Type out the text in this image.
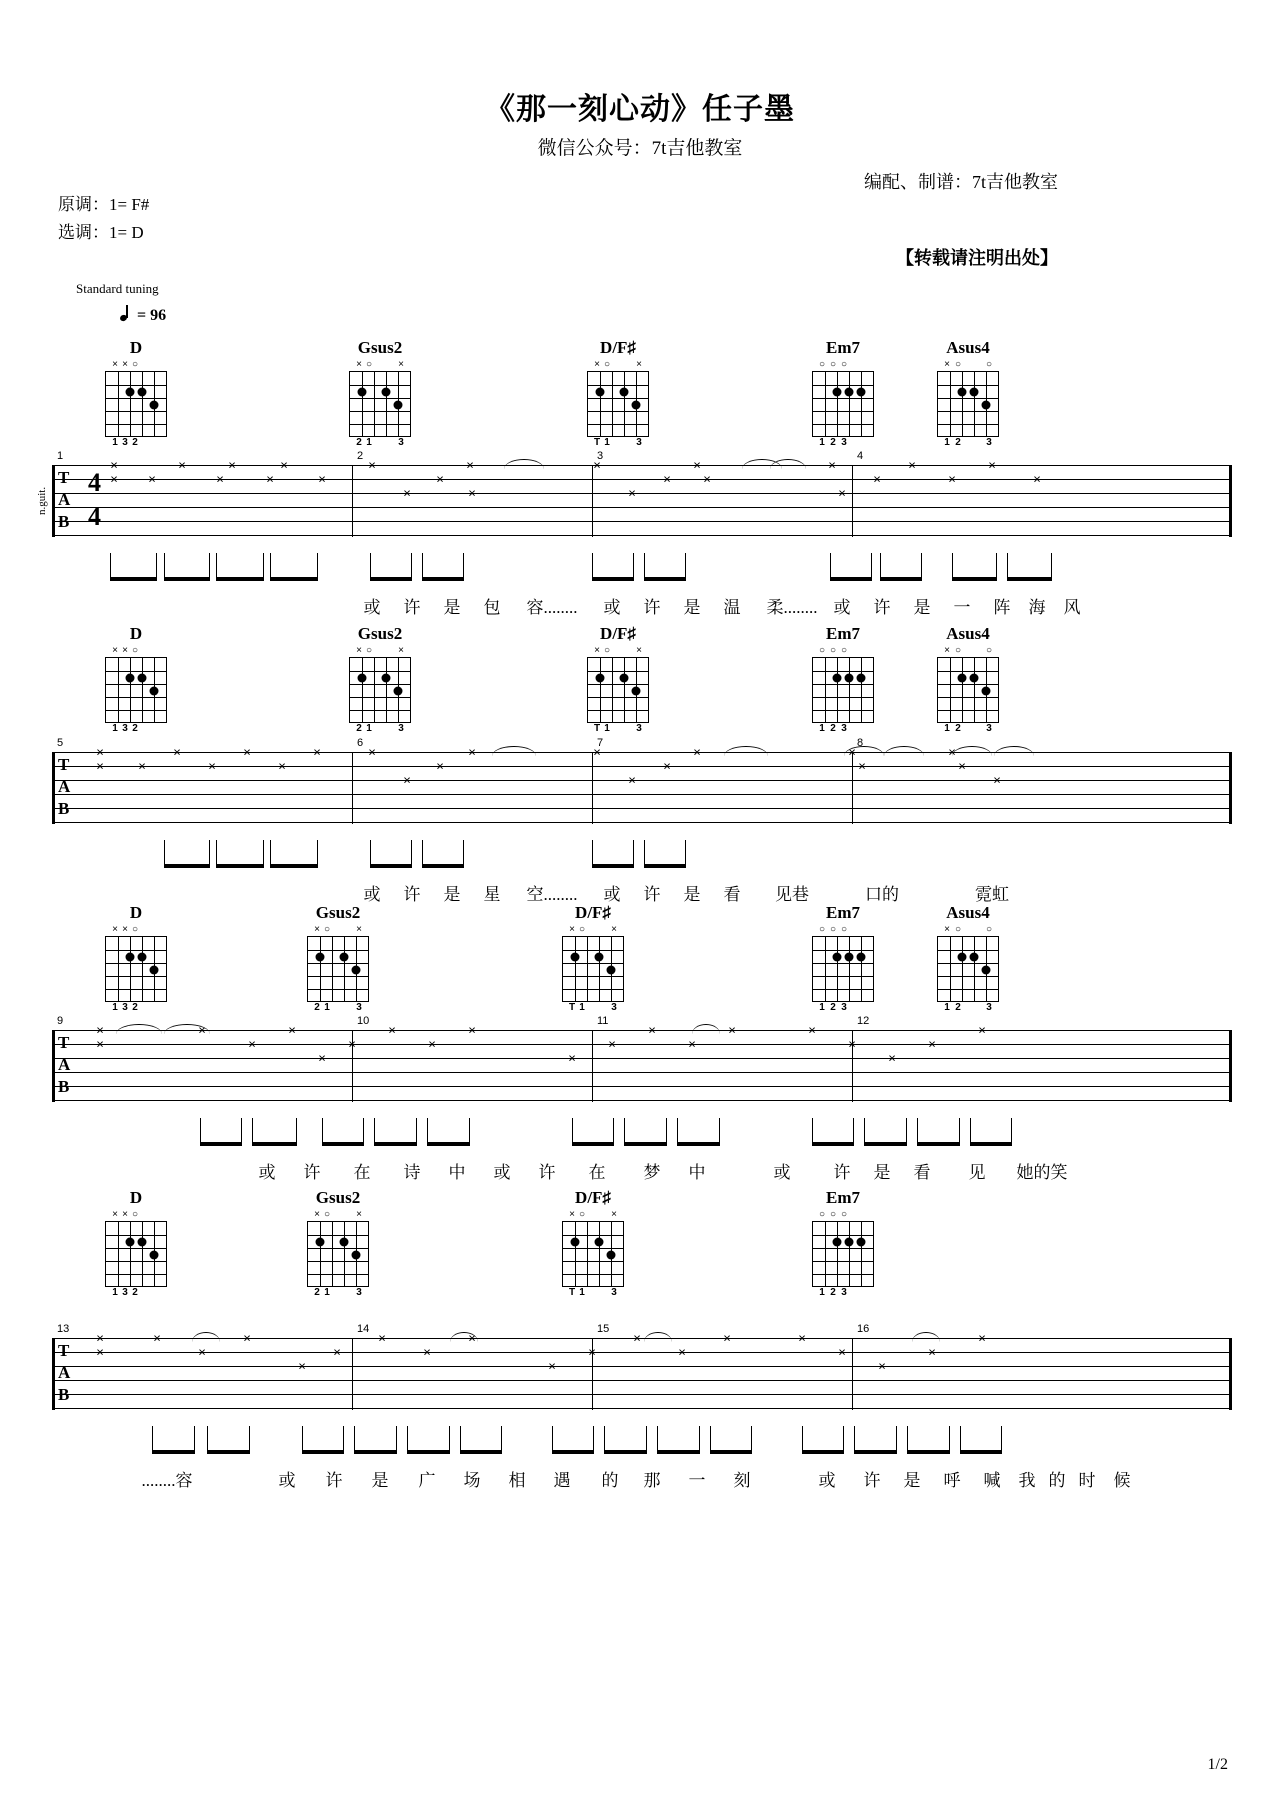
《那一刻心动》任子墨
微信公众号：7t吉他教室
编配、制谱：7t吉他教室
原调：1= F#
选调：1= D
【转载请注明出处】
Standard tuning
= 96
n.guit.
1/2
D
× × ○
1 3 2
Gsus2
× ○	×
2 1	3
D/F♯
× ○	×
T 1	3
Em7
○ ○ ○
1 2 3
Asus4
× ○ ○
1 2	3
T
A
B
4
4
1	2	3	4
×
× ×
×
×
×
×
×
×
×
×
×
×
×
×
×
×
×
×
×
×
×
×
×
×
×
或 许 是 包 容........ 或 许 是 温 柔........ 或 许 是 一 阵 海 风
D
× × ○
1 3 2
Gsus2
× ○	×
2 1	3
D/F♯
× ○	×
T 1	3
Em7
○ ○ ○
1 2 3
Asus4
× ○ ○
1 2	3
T
A
B
5	6	7	8
×
×	×
×
×
×
×
×	×
×
×
×	×
×
×
×	×
×
×
×
×
或 许 是 星 空........ 或 许 是 看 见巷	口的	霓虹
D
× × ○
1 3 2
Gsus2
× ○	×
2 1	3
D/F♯
× ○	×
T 1	3
Em7
○ ○ ○
1 2 3
Asus4
× ○ ○
1 2	3
T
A
B
9	10	11	12
×
×
×
×
×
×
×
×
×
×
×
×
×
×
×	×
×
×
×
×
或 许 在 诗 中 或 许 在 梦 中	或	许 是 看 见 她的笑
D
× × ○
1 3 2
Gsus2
× ○	×
2 1	3
D/F♯
× ○	×
T 1	3
Em7
○ ○ ○
1 2 3
T
A
B
13	14	15	16
×
×
×
×
×
×
×
×
×
×
×
×
×
×
×	×
×
×
×
×
........容	或 许 是 广 场 相 遇 的 那 一 刻	或 许 是 呼 喊 我 的 时 候
